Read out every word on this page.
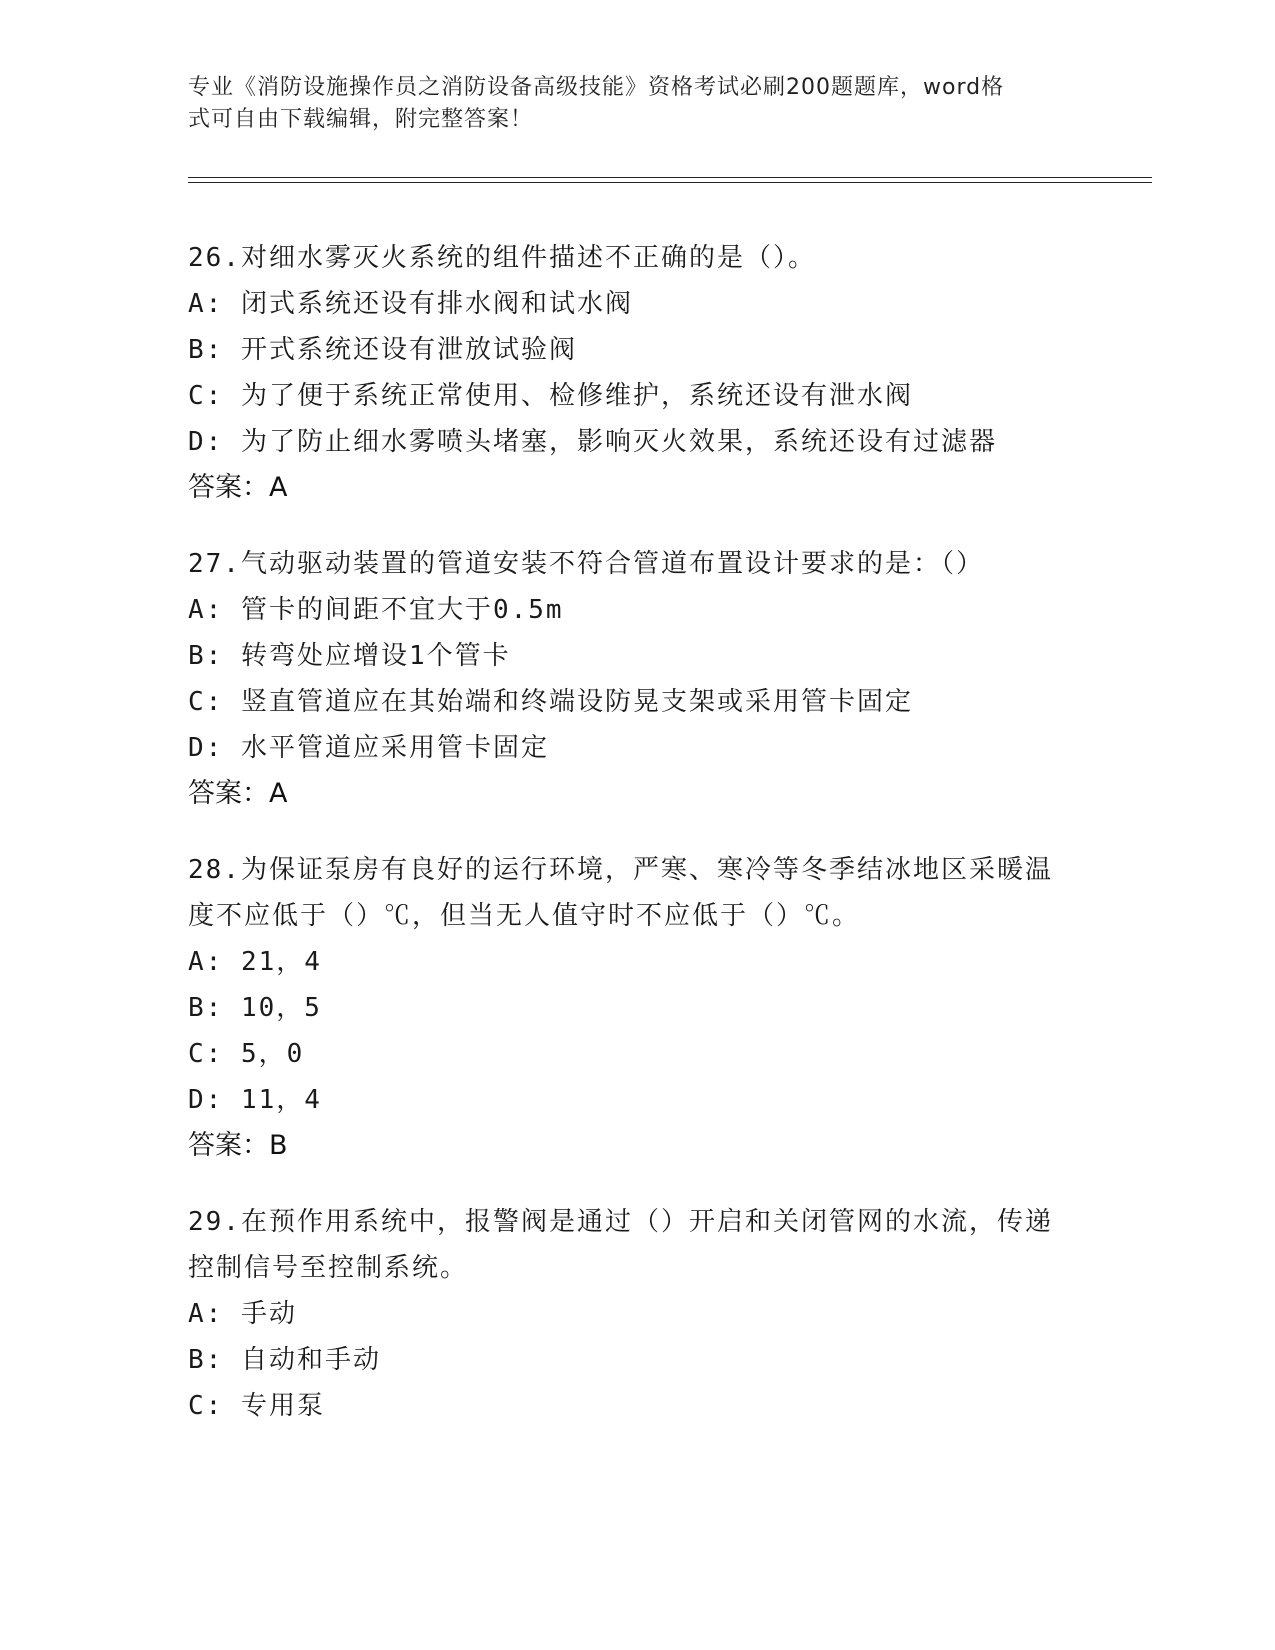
专业《消防设施操作员之消防设备高级技能》资格考试必刷200题题库，word格
式可自由下载编辑，附完整答案！

26.对细水雾灭火系统的组件描述不正确的是（）。

A: 闭式系统还设有排水阀和试水阀

B: 开式系统还设有泄放试验阀

C: 为了便于系统正常使用、检修维护，系统还设有泄水阀

D: 为了防止细水雾喷头堵塞，影响灭火效果，系统还设有过滤器

答案：A

27.气动驱动装置的管道安装不符合管道布置设计要求的是：（）

A: 管卡的间距不宜大于0.5m

B: 转弯处应增设1个管卡

C: 竖直管道应在其始端和终端设防晃支架或采用管卡固定

D: 水平管道应采用管卡固定

答案：A

28.为保证泵房有良好的运行环境，严寒、寒冷等冬季结冰地区采暖温

度不应低于（）℃，但当无人值守时不应低于（）℃。

A: 21，4

B: 10，5

C: 5，0

D: 11，4

答案：B

29.在预作用系统中，报警阀是通过（）开启和关闭管网的水流，传递

控制信号至控制系统。

A: 手动

B: 自动和手动

C: 专用泵
